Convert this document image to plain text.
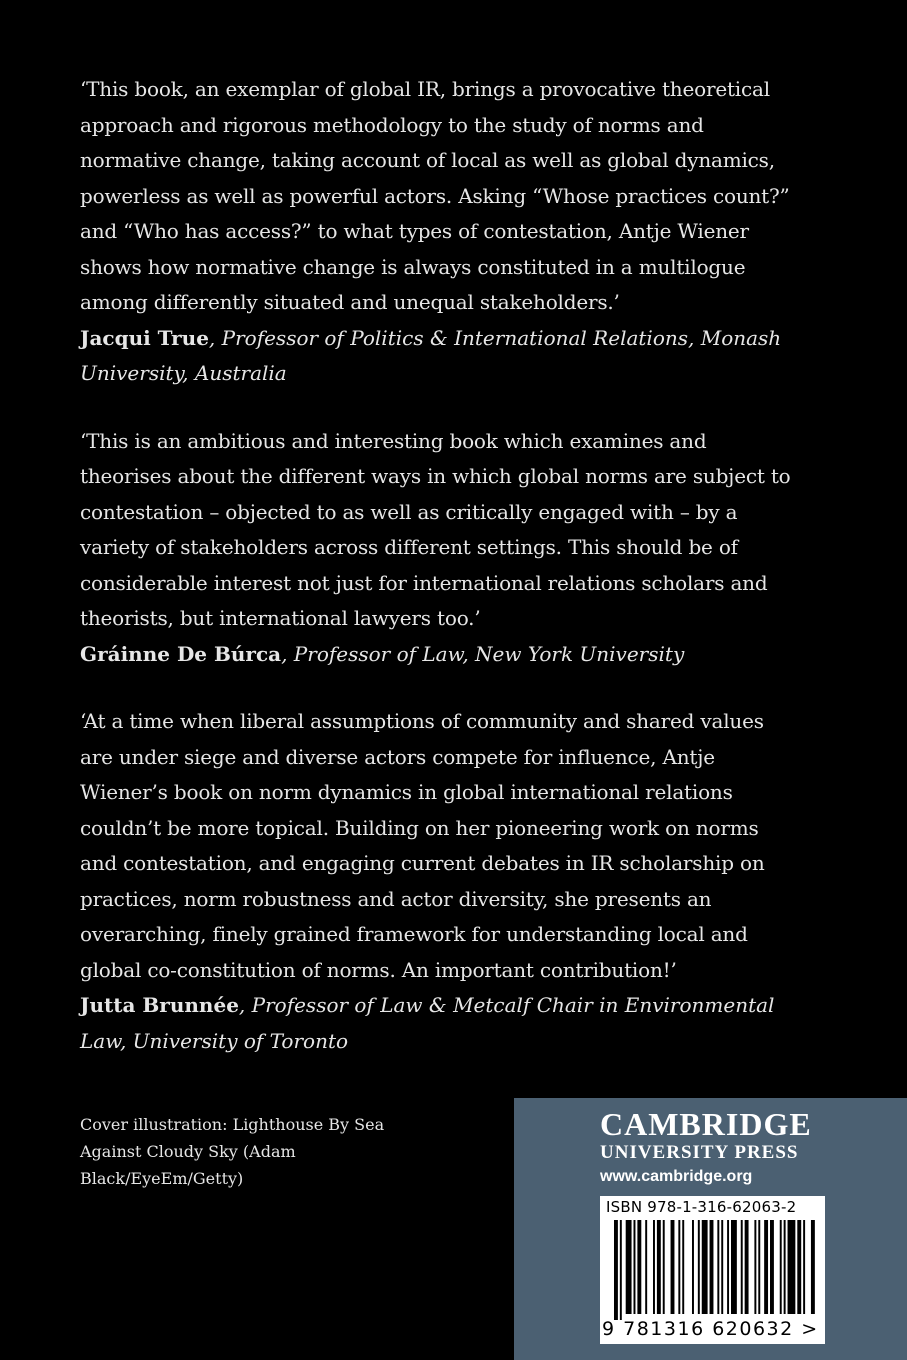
‘This book, an exemplar of global IR, brings a provocative theoretical approach and rigorous methodology to the study of norms and normative change, taking account of local as well as global dynamics, powerless as well as powerful actors. Asking “Whose practices count?” and “Who has access?” to what types of contestation, Antje Wiener shows how normative change is always constituted in a multilogue among differently situated and unequal stakeholders.’

Jacqui True, Professor of Politics & International Relations, Monash University, Australia

‘This is an ambitious and interesting book which examines and theorises about the different ways in which global norms are subject to contestation – objected to as well as critically engaged with – by a variety of stakeholders across different settings. This should be of considerable interest not just for international relations scholars and theorists, but international lawyers too.’

Gráinne De Búrca, Professor of Law, New York University

‘At a time when liberal assumptions of community and shared values are under siege and diverse actors compete for influence, Antje Wiener’s book on norm dynamics in global international relations couldn’t be more topical. Building on her pioneering work on norms and contestation, and engaging current debates in IR scholarship on practices, norm robustness and actor diversity, she presents an overarching, finely grained framework for understanding local and global co-constitution of norms. An important contribution!’

Jutta Brunnée, Professor of Law & Metcalf Chair in Environmental Law, University of Toronto

Cover illustration: Lighthouse By Sea Against Cloudy Sky (Adam Black/EyeEm/Getty)
CAMBRIDGE
UNIVERSITY PRESS
www.cambridge.org
ISBN 978-1-316-62063-2
9 781316 620632 >
